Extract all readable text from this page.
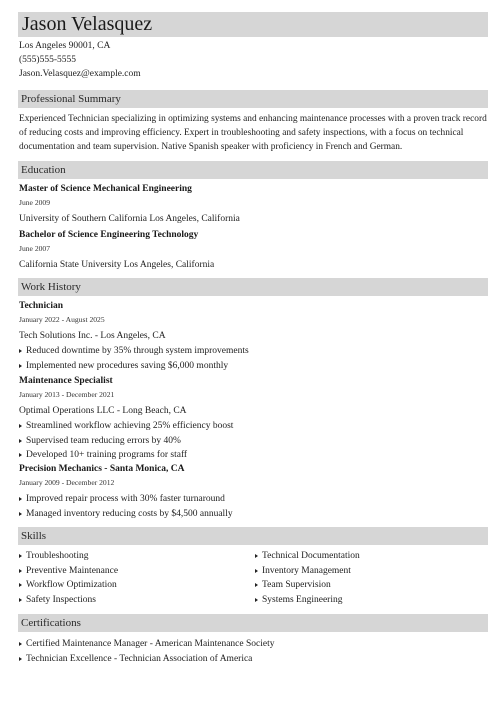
Jason Velasquez
Los Angeles 90001, CA
(555)555-5555
Jason.Velasquez@example.com
Professional Summary
Experienced Technician specializing in optimizing systems and enhancing maintenance processes with a proven track record of reducing costs and improving efficiency. Expert in troubleshooting and safety inspections, with a focus on technical documentation and team supervision. Native Spanish speaker with proficiency in French and German.
Education
Master of Science Mechanical Engineering
June 2009
University of Southern California Los Angeles, California
Bachelor of Science Engineering Technology
June 2007
California State University Los Angeles, California
Work History
Technician
January 2022 - August 2025
Tech Solutions Inc. - Los Angeles, CA
Reduced downtime by 35% through system improvements
Implemented new procedures saving $6,000 monthly
Maintenance Specialist
January 2013 - December 2021
Optimal Operations LLC - Long Beach, CA
Streamlined workflow achieving 25% efficiency boost
Supervised team reducing errors by 40%
Developed 10+ training programs for staff
Precision Mechanics - Santa Monica, CA
January 2009 - December 2012
Improved repair process with 30% faster turnaround
Managed inventory reducing costs by $4,500 annually
Skills
Troubleshooting
Preventive Maintenance
Workflow Optimization
Safety Inspections
Technical Documentation
Inventory Management
Team Supervision
Systems Engineering
Certifications
Certified Maintenance Manager - American Maintenance Society
Technician Excellence - Technician Association of America
